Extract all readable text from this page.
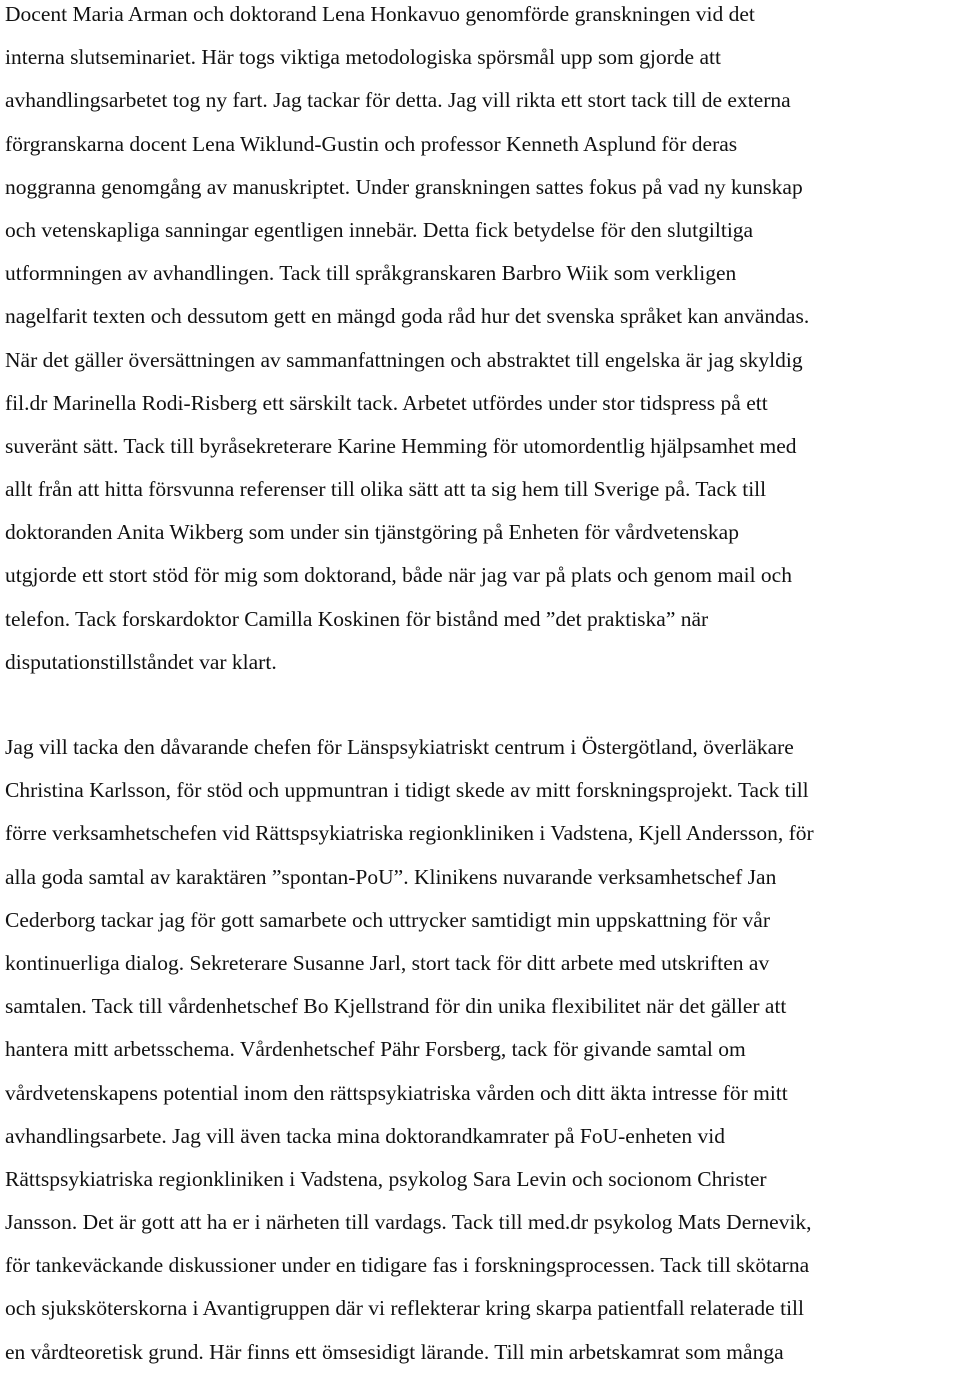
Docent Maria Arman och doktorand Lena Honkavuo genomförde granskningen vid det
interna slutseminariet. Här togs viktiga metodologiska spörsmål upp som gjorde att
avhandlingsarbetet tog ny fart. Jag tackar för detta. Jag vill rikta ett stort tack till de externa
förgranskarna docent Lena Wiklund-Gustin och professor Kenneth Asplund för deras
noggranna genomgång av manuskriptet. Under granskningen sattes fokus på vad ny kunskap
och vetenskapliga sanningar egentligen innebär. Detta fick betydelse för den slutgiltiga
utformningen av avhandlingen. Tack till språkgranskaren Barbro Wiik som verkligen
nagelfarit texten och dessutom gett en mängd goda råd hur det svenska språket kan användas.
När det gäller översättningen av sammanfattningen och abstraktet till engelska är jag skyldig
fil.dr Marinella Rodi-Risberg ett särskilt tack. Arbetet utfördes under stor tidspress på ett
suveränt sätt. Tack till byråsekreterare Karine Hemming för utomordentlig hjälpsamhet med
allt från att hitta försvunna referenser till olika sätt att ta sig hem till Sverige på. Tack till
doktoranden Anita Wikberg som under sin tjänstgöring på Enheten för vårdvetenskap
utgjorde ett stort stöd för mig som doktorand, både när jag var på plats och genom mail och
telefon. Tack forskardoktor Camilla Koskinen för bistånd med ”det praktiska” när
disputationstillståndet var klart.
Jag vill tacka den dåvarande chefen för Länspsykiatriskt centrum i Östergötland, överläkare
Christina Karlsson, för stöd och uppmuntran i tidigt skede av mitt forskningsprojekt. Tack till
förre verksamhetschefen vid Rättspsykiatriska regionkliniken i Vadstena, Kjell Andersson, för
alla goda samtal av karaktären ”spontan-PoU”. Klinikens nuvarande verksamhetschef Jan
Cederborg tackar jag för gott samarbete och uttrycker samtidigt min uppskattning för vår
kontinuerliga dialog. Sekreterare Susanne Jarl, stort tack för ditt arbete med utskriften av
samtalen. Tack till vårdenhetschef Bo Kjellstrand för din unika flexibilitet när det gäller att
hantera mitt arbetsschema. Vårdenhetschef Pähr Forsberg, tack för givande samtal om
vårdvetenskapens potential inom den rättspsykiatriska vården och ditt äkta intresse för mitt
avhandlingsarbete. Jag vill även tacka mina doktorandkamrater på FoU-enheten vid
Rättspsykiatriska regionkliniken i Vadstena, psykolog Sara Levin och socionom Christer
Jansson. Det är gott att ha er i närheten till vardags. Tack till med.dr psykolog Mats Dernevik,
för tankeväckande diskussioner under en tidigare fas i forskningsprocessen. Tack till skötarna
och sjuksköterskorna i Avantigruppen där vi reflekterar kring skarpa patientfall relaterade till
en vårdteoretisk grund. Här finns ett ömsesidigt lärande. Till min arbetskamrat som många
